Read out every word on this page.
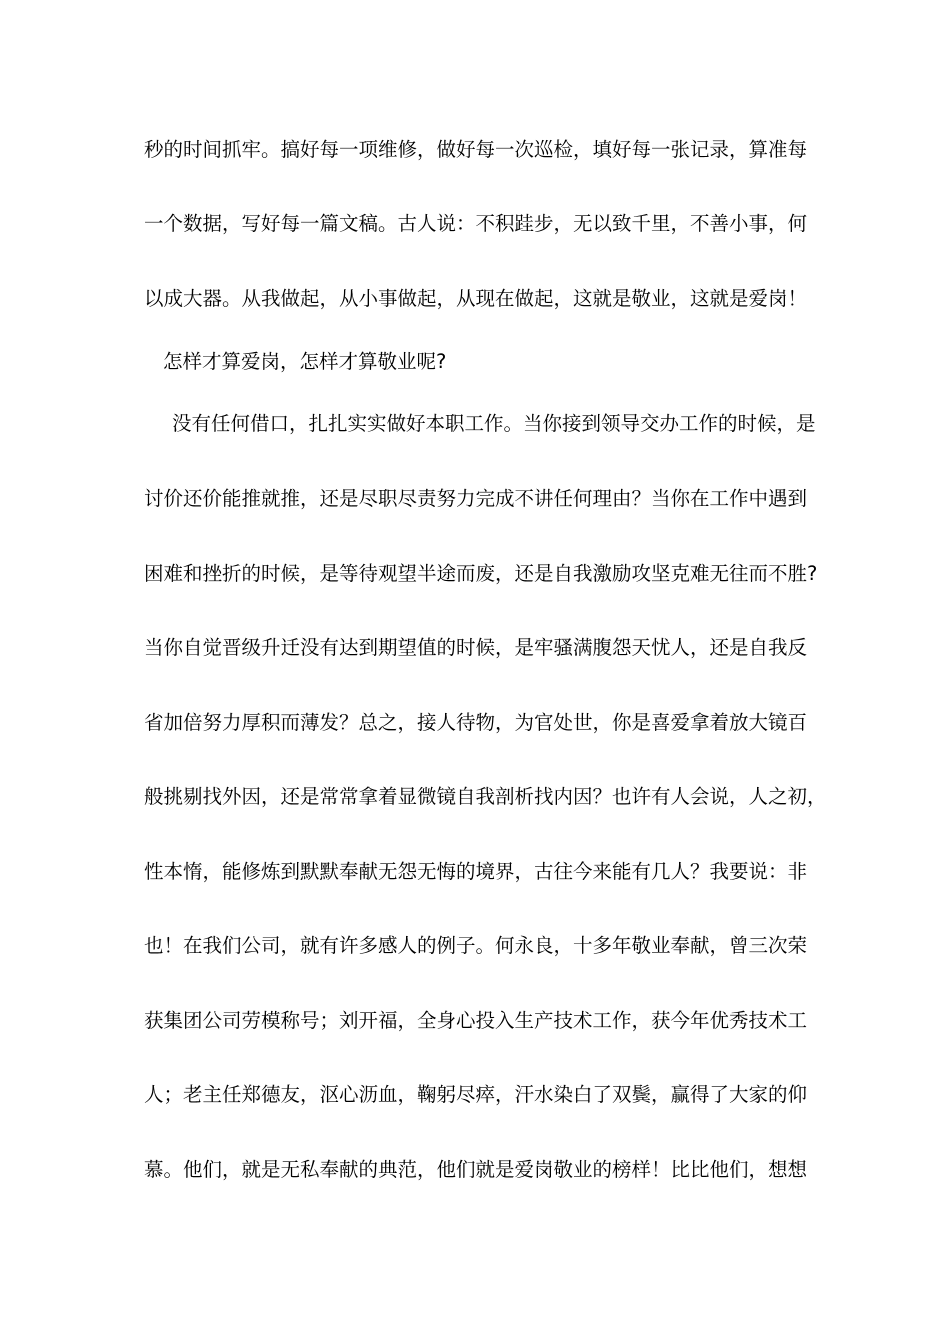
秒的时间抓牢。搞好每一项维修，做好每一次巡检，填好每一张记录，算准每
一个数据，写好每一篇文稿。古人说：不积跬步，无以致千里，不善小事，何
以成大器。从我做起，从小事做起，从现在做起，这就是敬业，这就是爱岗！
怎样才算爱岗，怎样才算敬业呢?
没有任何借口，扎扎实实做好本职工作。当你接到领导交办工作的时候，是
讨价还价能推就推，还是尽职尽责努力完成不讲任何理由？当你在工作中遇到
困难和挫折的时候，是等待观望半途而废，还是自我激励攻坚克难无往而不胜?
当你自觉晋级升迁没有达到期望值的时候，是牢骚满腹怨天忧人，还是自我反
省加倍努力厚积而薄发？总之，接人待物，为官处世，你是喜爱拿着放大镜百
般挑剔找外因，还是常常拿着显微镜自我剖析找内因？也许有人会说，人之初，
性本惰，能修炼到默默奉献无怨无悔的境界，古往今来能有几人？我要说：非
也！在我们公司，就有许多感人的例子。何永良，十多年敬业奉献，曾三次荣
获集团公司劳模称号；刘开福，全身心投入生产技术工作，获今年优秀技术工
人；老主任郑德友，沤心沥血，鞠躬尽瘁，汗水染白了双鬓，赢得了大家的仰
慕。他们，就是无私奉献的典范，他们就是爱岗敬业的榜样！比比他们，想想
